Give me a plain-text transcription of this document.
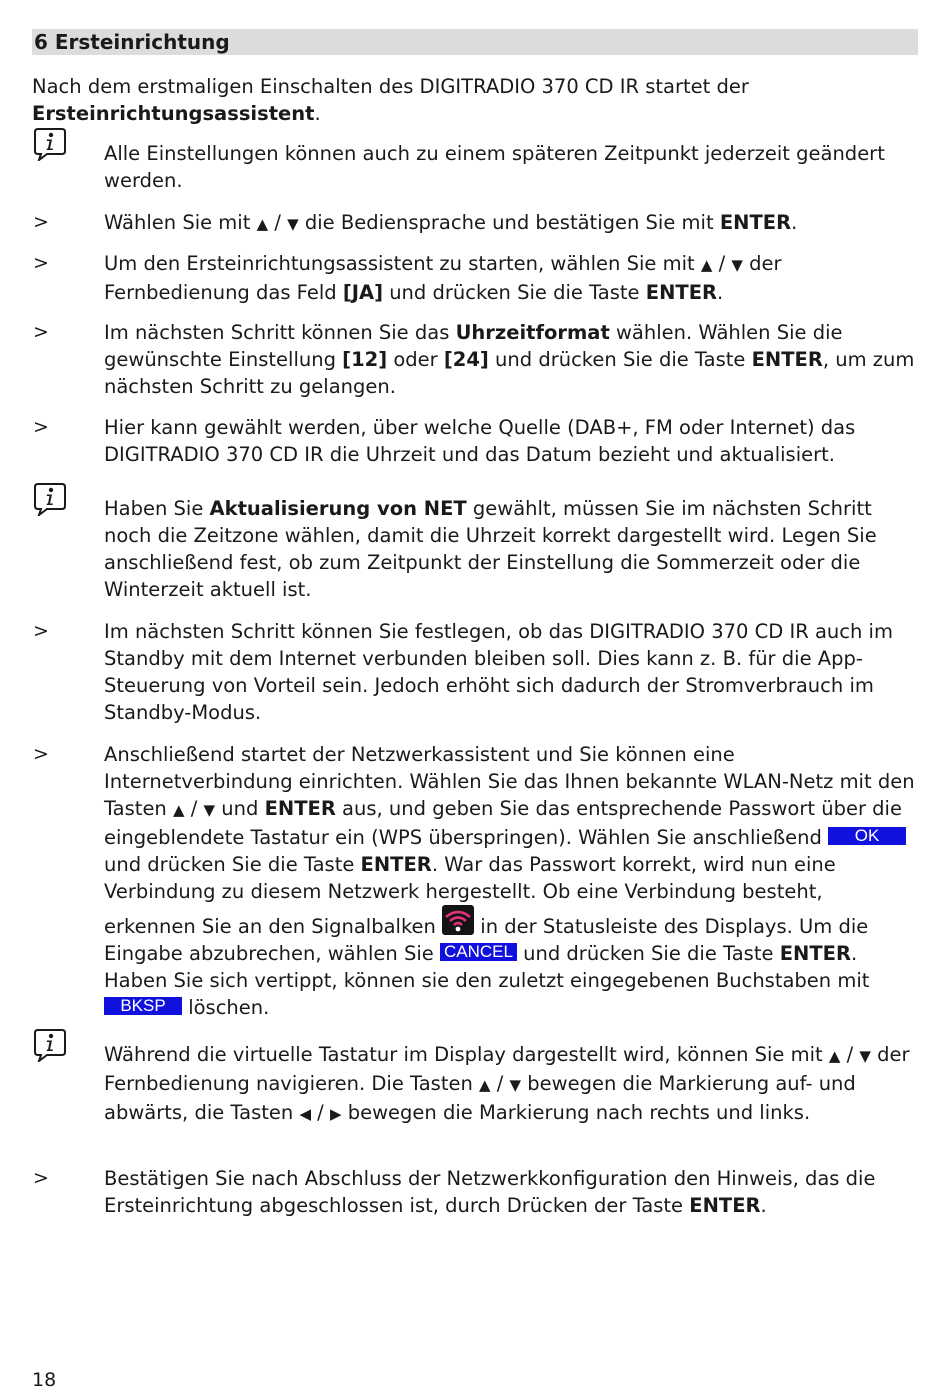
6 Ersteinrichtung

Nach dem erstmaligen Einschalten des DIGITRADIO 370 CD IR startet der Ersteinrichtungsassistent.

Alle Einstellungen können auch zu einem späteren Zeitpunkt jederzeit geändert werden.

>	Wählen Sie mit ▲ / ▼ die Bediensprache und bestätigen Sie mit ENTER.

>	Um den Ersteinrichtungsassistent zu starten, wählen Sie mit ▲ / ▼ der Fernbedienung das Feld [JA] und drücken Sie die Taste ENTER.

>	Im nächsten Schritt können Sie das Uhrzeitformat wählen. Wählen Sie die gewünschte Einstellung [12] oder [24] und drücken Sie die Taste ENTER, um zum nächsten Schritt zu gelangen.

>	Hier kann gewählt werden, über welche Quelle (DAB+, FM oder Internet) das DIGITRADIO 370 CD IR die Uhrzeit und das Datum bezieht und aktualisiert.

Haben Sie Aktualisierung von NET gewählt, müssen Sie im nächsten Schritt noch die Zeitzone wählen, damit die Uhrzeit korrekt dargestellt wird. Legen Sie anschließend fest, ob zum Zeitpunkt der Einstellung die Sommerzeit oder die Winterzeit aktuell ist.

>	Im nächsten Schritt können Sie festlegen, ob das DIGITRADIO 370 CD IR auch im Standby mit dem Internet verbunden bleiben soll. Dies kann z. B. für die App-Steuerung von Vorteil sein. Jedoch erhöht sich dadurch der Stromverbrauch im Standby-Modus.

>	Anschließend startet der Netzwerkassistent und Sie können eine Internetverbindung einrichten. Wählen Sie das Ihnen bekannte WLAN-Netz mit den Tasten ▲ / ▼ und ENTER aus, und geben Sie das entsprechende Passwort über die eingeblendete Tastatur ein (WPS überspringen). Wählen Sie anschließend OK und drücken Sie die Taste ENTER. War das Passwort korrekt, wird nun eine Verbindung zu diesem Netzwerk hergestellt. Ob eine Verbindung besteht, erkennen Sie an den Signalbalken  in der Statusleiste des Displays. Um die Eingabe abzubrechen, wählen Sie CANCEL und drücken Sie die Taste ENTER. Haben Sie sich vertippt, können sie den zuletzt eingegebenen Buchstaben mit BKSP löschen.

Während die virtuelle Tastatur im Display dargestellt wird, können Sie mit ▲ / ▼ der Fernbedienung navigieren. Die Tasten ▲ / ▼ bewegen die Markierung auf- und abwärts, die Tasten ◀ / ▶ bewegen die Markierung nach rechts und links.

>	Bestätigen Sie nach Abschluss der Netzwerkkonfiguration den Hinweis, das die Ersteinrichtung abgeschlossen ist, durch Drücken der Taste ENTER.

18
